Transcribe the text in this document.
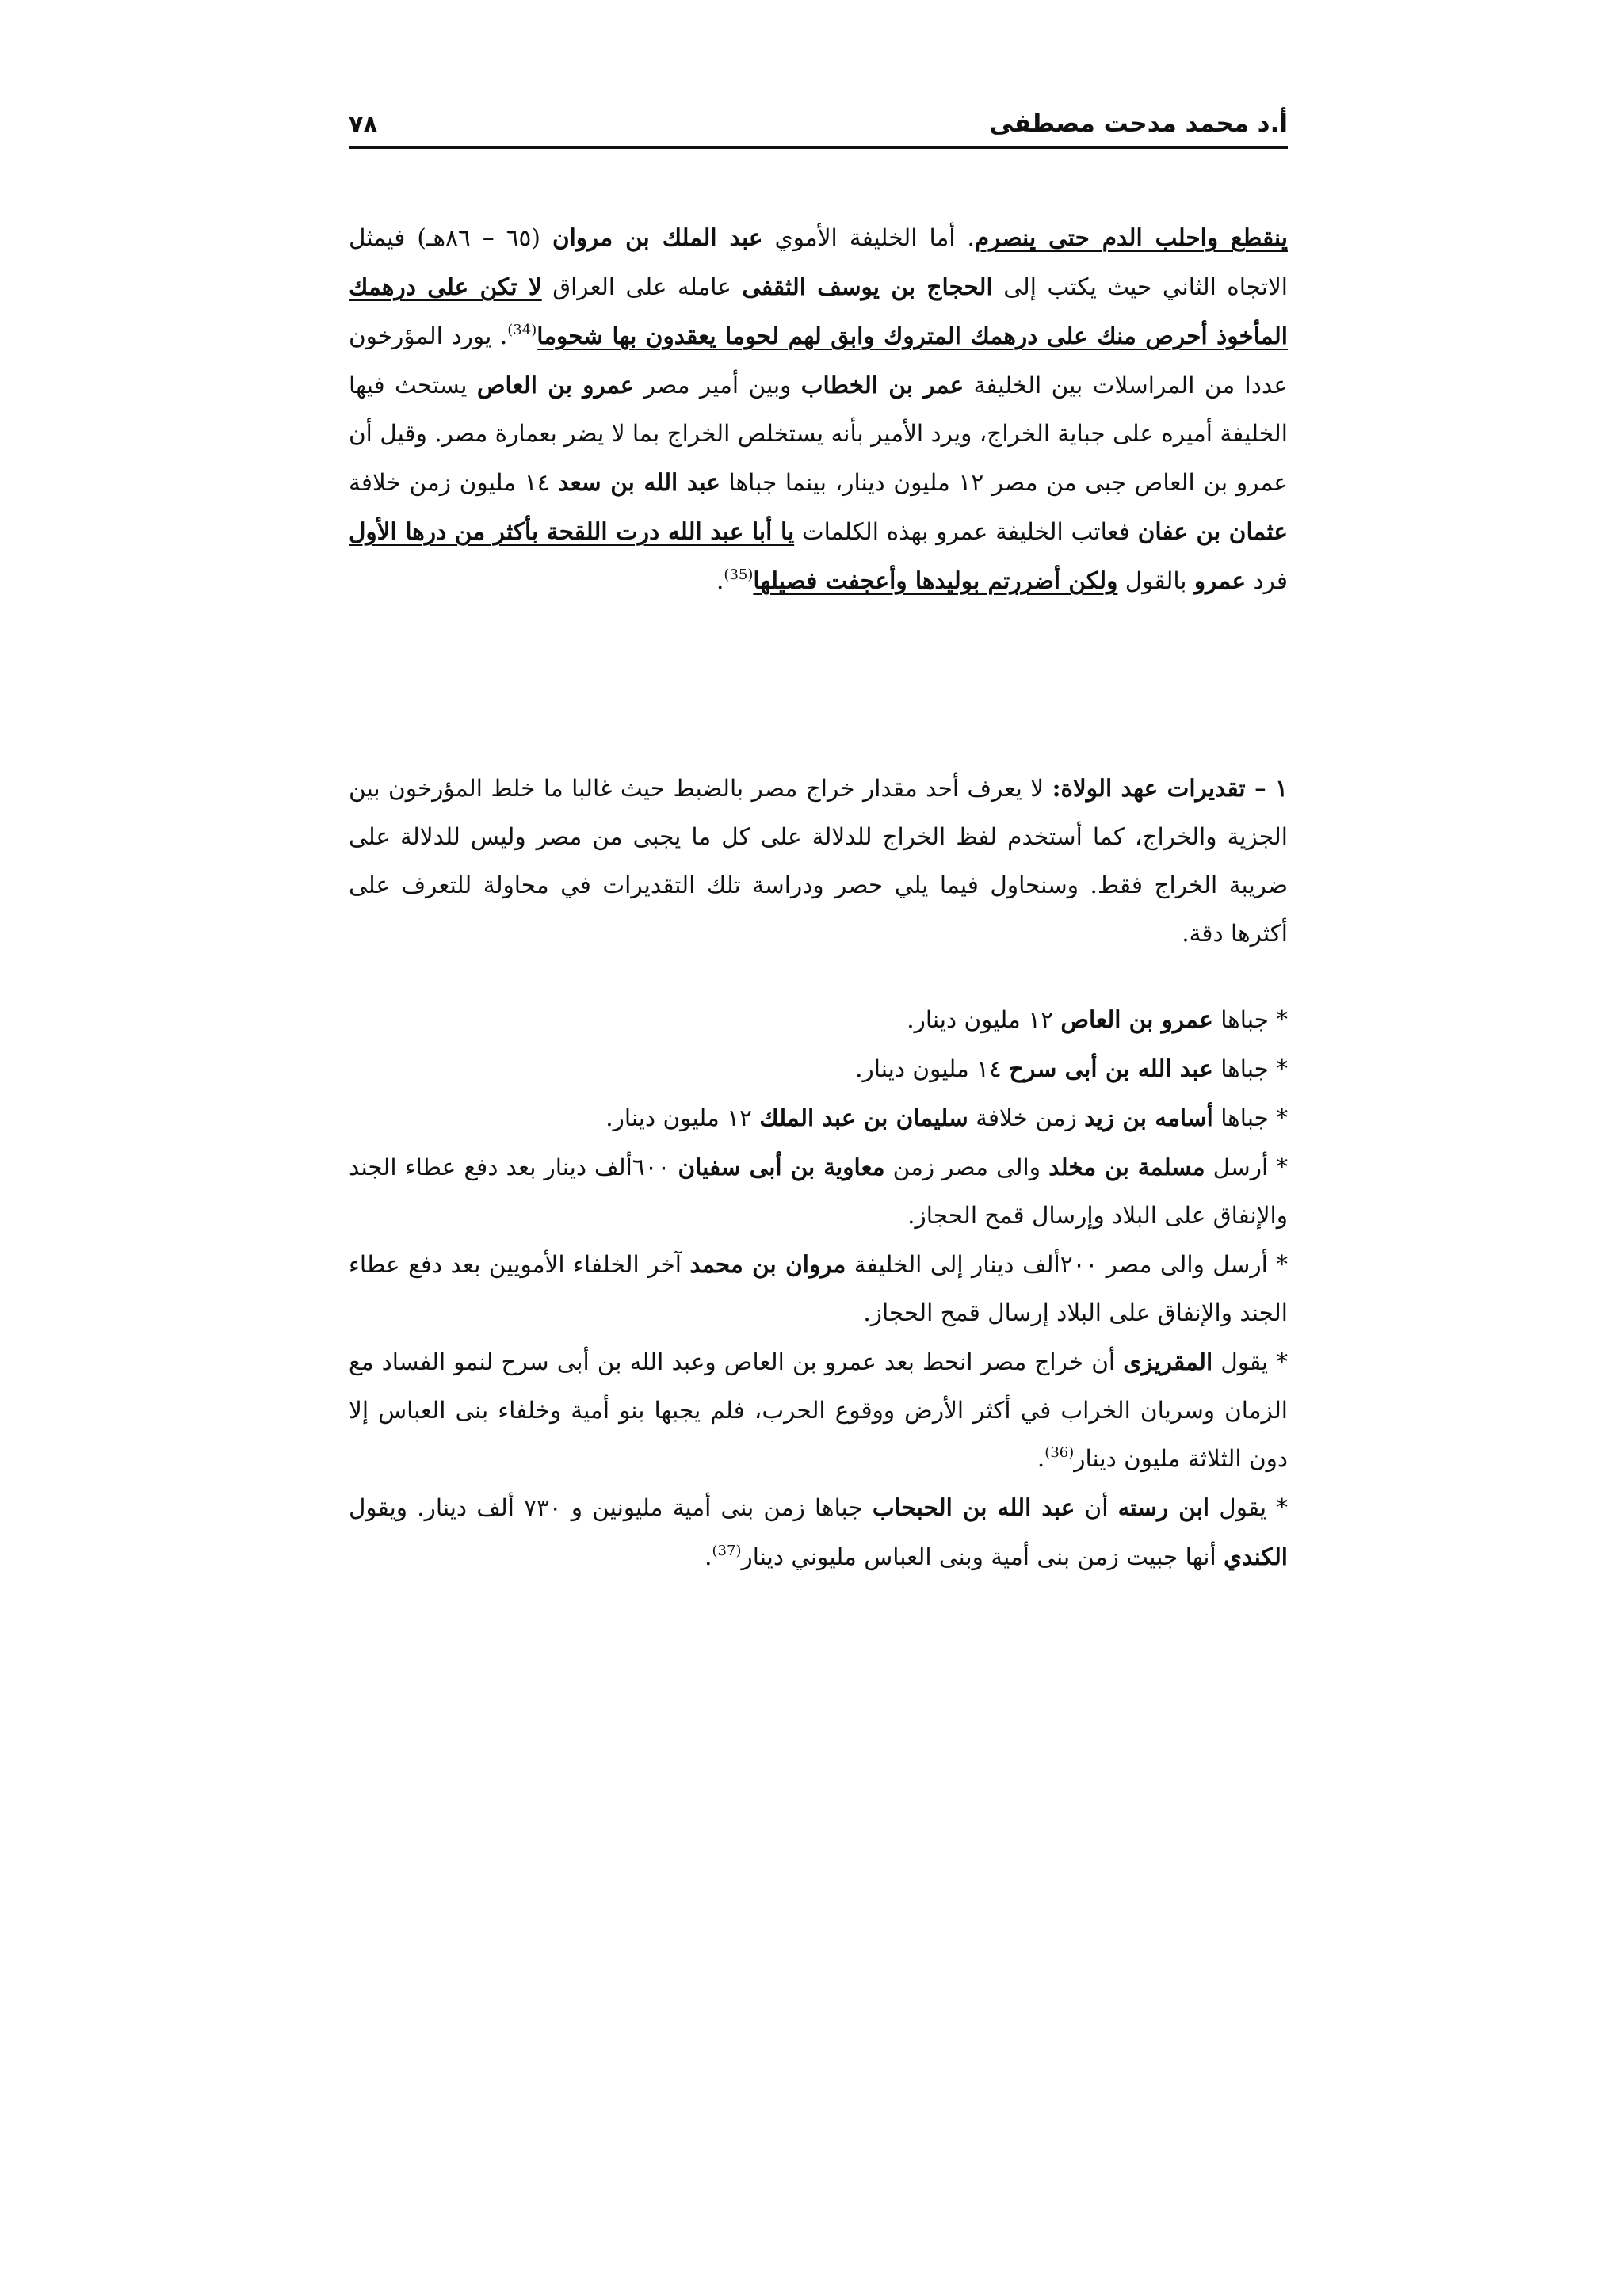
٧٨	أ.د محمد مدحت مصطفى

ينقطع واحلب الدم حتى ينصرم. أما الخليفة الأموي عبد الملك بن مروان (٦٥ – ٨٦هـ) فيمثل الاتجاه الثاني حيث يكتب إلى الحجاج بن يوسف الثقفى عامله على العراق لا تكن على درهمك المأخوذ أحرص منك على درهمك المتروك وابق لهم لحوما يعقدون بها شحوما$^{(34)}$. يورد المؤرخون عددا من المراسلات بين الخليفة عمر بن الخطاب وبين أمير مصر عمرو بن العاص يستحث فيها الخليفة أميره على جباية الخراج، ويرد الأمير بأنه يستخلص الخراج بما لا يضر بعمارة مصر. وقيل أن عمرو بن العاص جبى من مصر ١٢ مليون دينار، بينما جباها عبد الله بن سعد ١٤ مليون زمن خلافة عثمان بن عفان فعاتب الخليفة عمرو بهذه الكلمات يا أبا عبد الله درت اللقحة بأكثر من درها الأول فرد عمرو بالقول ولكن أضررتم بوليدها وأعجفت فصيلها$^{(35)}$.

١ – تقديرات عهد الولاة: لا يعرف أحد مقدار خراج مصر بالضبط حيث غالبا ما خلط المؤرخون بين الجزية والخراج، كما أستخدم لفظ الخراج للدلالة على كل ما يجبى من مصر وليس للدلالة على ضريبة الخراج فقط. وسنحاول فيما يلي حصر ودراسة تلك التقديرات في محاولة للتعرف على أكثرها دقة.

* جباها عمرو بن العاص ١٢ مليون دينار.

* جباها عبد الله بن أبى سرح ١٤ مليون دينار.

* جباها أسامه بن زيد زمن خلافة سليمان بن عبد الملك ١٢ مليون دينار.

* أرسل مسلمة بن مخلد والى مصر زمن معاوية بن أبى سفيان ٦٠٠ألف دينار بعد دفع عطاء الجند والإنفاق على البلاد وإرسال قمح الحجاز.

* أرسل والى مصر ٢٠٠ألف دينار إلى الخليفة مروان بن محمد آخر الخلفاء الأمويين بعد دفع عطاء الجند والإنفاق على البلاد إرسال قمح الحجاز.

* يقول المقريزى أن خراج مصر انحط بعد عمرو بن العاص وعبد الله بن أبى سرح لنمو الفساد مع الزمان وسريان الخراب في أكثر الأرض ووقوع الحرب، فلم يجبها بنو أمية وخلفاء بنى العباس إلا دون الثلاثة مليون دينار$^{(36)}$.

* يقول ابن رسته أن عبد الله بن الحبحاب جباها زمن بنى أمية مليونين و ٧٣٠ ألف دينار. ويقول الكندي أنها جبيت زمن بنى أمية وبنى العباس مليوني دينار$^{(37)}$.
